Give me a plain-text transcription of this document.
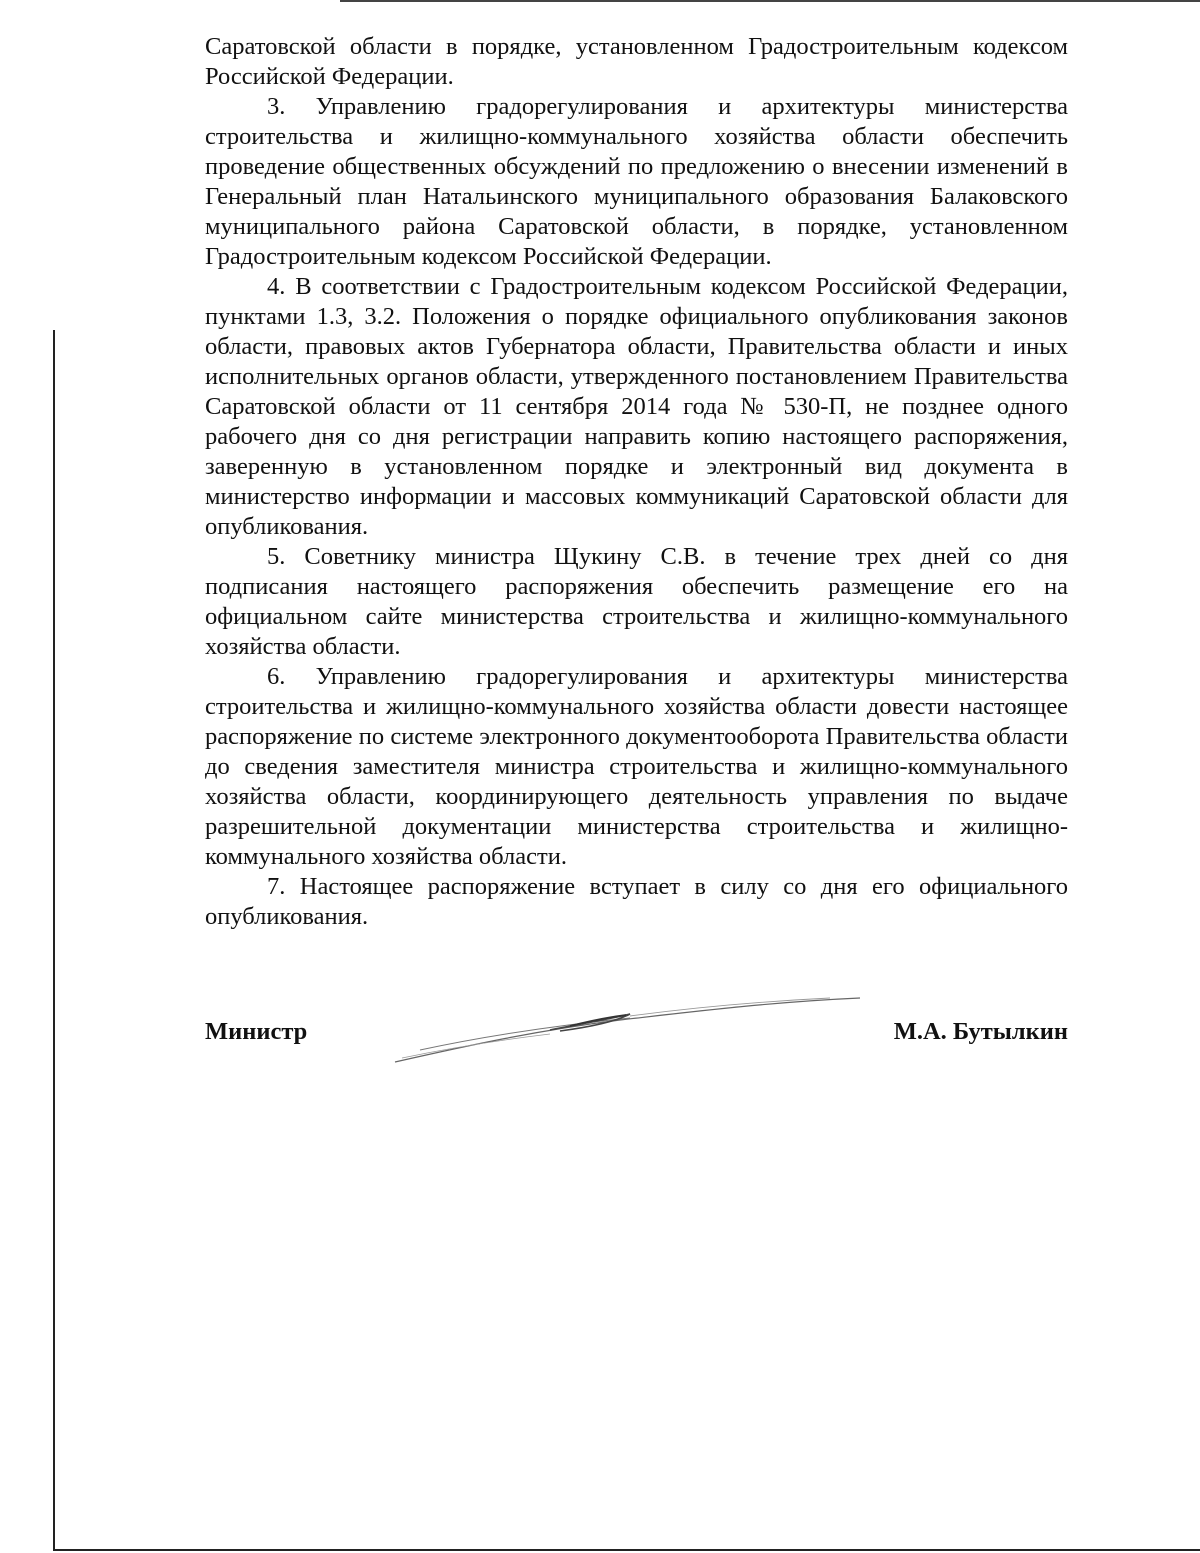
Саратовской области в порядке, установленном Градостроительным кодексом Российской Федерации.

3. Управлению градорегулирования и архитектуры министерства строительства и жилищно-коммунального хозяйства области обеспечить проведение общественных обсуждений по предложению о внесении изменений в Генеральный план Натальинского муниципального образования Балаковского муниципального района Саратовской области, в порядке, установленном Градостроительным кодексом Российской Федерации.

4. В соответствии с Градостроительным кодексом Российской Федерации, пунктами 1.3, 3.2. Положения о порядке официального опубликования законов области, правовых актов Губернатора области, Правительства области и иных исполнительных органов области, утвержденного постановлением Правительства Саратовской области от 11 сентября 2014 года № 530-П, не позднее одного рабочего дня со дня регистрации направить копию настоящего распоряжения, заверенную в установленном порядке и электронный вид документа в министерство информации и массовых коммуникаций Саратовской области для опубликования.

5. Советнику министра Щукину С.В. в течение трех дней со дня подписания настоящего распоряжения обеспечить размещение его на официальном сайте министерства строительства и жилищно-коммунального хозяйства области.

6. Управлению градорегулирования и архитектуры министерства строительства и жилищно-коммунального хозяйства области довести настоящее распоряжение по системе электронного документооборота Правительства области до сведения заместителя министра строительства и жилищно-коммунального хозяйства области, координирующего деятельность управления по выдаче разрешительной документации министерства строительства и жилищно-коммунального хозяйства области.

7. Настоящее распоряжение вступает в силу со дня его официального опубликования.

Министр	М.А. Бутылкин
